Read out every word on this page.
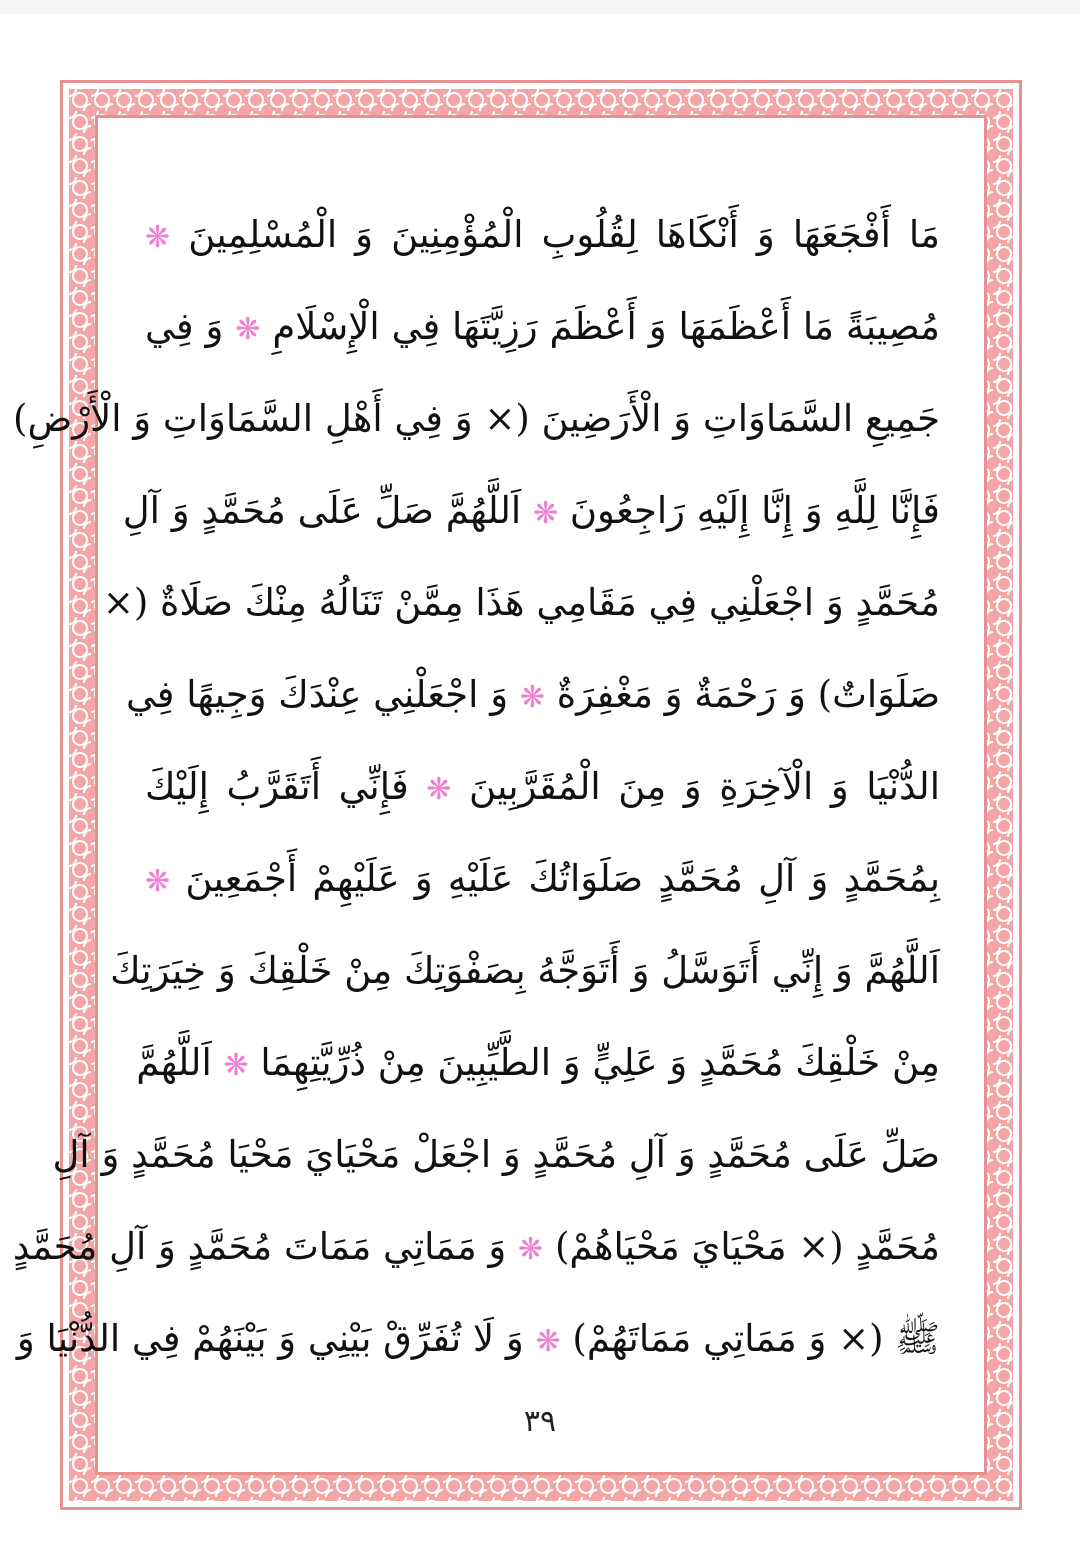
مَا أَفْجَعَهَا وَ أَنْكَاهَا لِقُلُوبِ الْمُؤْمِنِينَ وَ الْمُسْلِمِينَ ❋
مُصِيبَةً مَا أَعْظَمَهَا وَ أَعْظَمَ رَزِيَّتَهَا فِي الْإِسْلَامِ ❋ وَ فِي
جَمِيعِ السَّمَاوَاتِ وَ الْأَرَضِينَ (× وَ فِي أَهْلِ السَّمَاوَاتِ وَ الْأَرْضِ)
فَإِنَّا لِلَّهِ وَ إِنَّا إِلَيْهِ رَاجِعُونَ ❋ اَللَّهُمَّ صَلِّ عَلَى مُحَمَّدٍ وَ آلِ
مُحَمَّدٍ وَ اجْعَلْنِي فِي مَقَامِي هَذَا مِمَّنْ تَنَالُهُ مِنْكَ صَلَاةٌ (×
صَلَوَاتٌ) وَ رَحْمَةٌ وَ مَغْفِرَةٌ ❋ وَ اجْعَلْنِي عِنْدَكَ وَجِيهًا فِي
الدُّنْيَا وَ الْآخِرَةِ وَ مِنَ الْمُقَرَّبِينَ ❋ فَإِنِّي أَتَقَرَّبُ إِلَيْكَ
بِمُحَمَّدٍ وَ آلِ مُحَمَّدٍ صَلَوَاتُكَ عَلَيْهِ وَ عَلَيْهِمْ أَجْمَعِينَ ❋
اَللَّهُمَّ وَ إِنِّي أَتَوَسَّلُ وَ أَتَوَجَّهُ بِصَفْوَتِكَ مِنْ خَلْقِكَ وَ خِيَرَتِكَ
مِنْ خَلْقِكَ مُحَمَّدٍ وَ عَلِيٍّ وَ الطَّيِّبِينَ مِنْ ذُرِّيَّتِهِمَا ❋ اَللَّهُمَّ
صَلِّ عَلَى مُحَمَّدٍ وَ آلِ مُحَمَّدٍ وَ اجْعَلْ مَحْيَايَ مَحْيَا مُحَمَّدٍ وَ آلِ
مُحَمَّدٍ (× مَحْيَايَ مَحْيَاهُمْ) ❋ وَ مَمَاتِي مَمَاتَ مُحَمَّدٍ وَ آلِ مُحَمَّدٍ
ﷺ (× وَ مَمَاتِي مَمَاتَهُمْ) ❋ وَ لَا تُفَرِّقْ بَيْنِي وَ بَيْنَهُمْ فِي الدُّنْيَا وَ
٣٩
